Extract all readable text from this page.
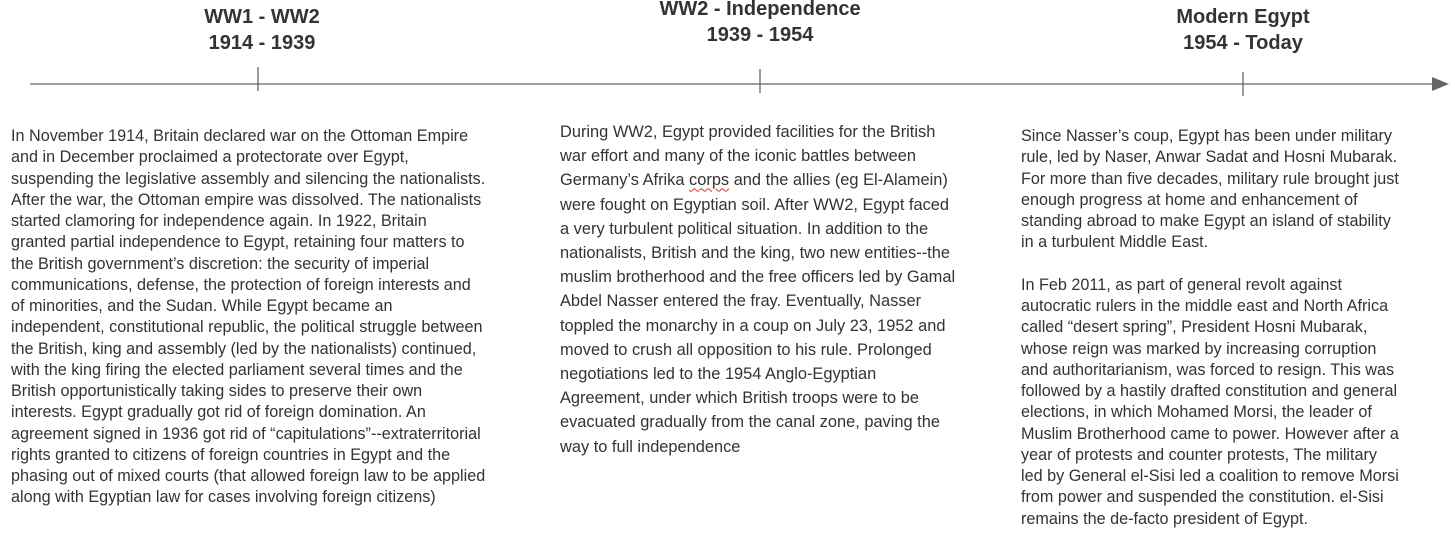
WW1 - WW2
1914 - 1939
WW2 - Independence
1939 - 1954
Modern Egypt
1954 - Today

In November 1914, Britain declared war on the Ottoman Empire
and in December proclaimed a protectorate over Egypt,
suspending the legislative assembly and silencing the nationalists.
After the war, the Ottoman empire was dissolved. The nationalists
started clamoring for independence again. In 1922, Britain
granted partial independence to Egypt, retaining four matters to
the British government’s discretion: the security of imperial
communications, defense, the protection of foreign interests and
of minorities, and the Sudan. While Egypt became an
independent, constitutional republic, the political struggle between
the British, king and assembly (led by the nationalists) continued,
with the king firing the elected parliament several times and the
British opportunistically taking sides to preserve their own
interests. Egypt gradually got rid of foreign domination. An
agreement signed in 1936 got rid of “capitulations”--extraterritorial
rights granted to citizens of foreign countries in Egypt and the
phasing out of mixed courts (that allowed foreign law to be applied
along with Egyptian law for cases involving foreign citizens)

During WW2, Egypt provided facilities for the British
war effort and many of the iconic battles between
Germany’s Afrika corps and the allies (eg El-Alamein)
were fought on Egyptian soil. After WW2, Egypt faced
a very turbulent political situation. In addition to the
nationalists, British and the king, two new entities--the
muslim brotherhood and the free officers led by Gamal
Abdel Nasser entered the fray. Eventually, Nasser
toppled the monarchy in a coup on July 23, 1952 and
moved to crush all opposition to his rule. Prolonged
negotiations led to the 1954 Anglo-Egyptian
Agreement, under which British troops were to be
evacuated gradually from the canal zone, paving the
way to full independence

Since Nasser’s coup, Egypt has been under military
rule, led by Naser, Anwar Sadat and Hosni Mubarak.
For more than five decades, military rule brought just
enough progress at home and enhancement of
standing abroad to make Egypt an island of stability
in a turbulent Middle East.

In Feb 2011, as part of general revolt against
autocratic rulers in the middle east and North Africa
called “desert spring”, President Hosni Mubarak,
whose reign was marked by increasing corruption
and authoritarianism, was forced to resign. This was
followed by a hastily drafted constitution and general
elections, in which Mohamed Morsi, the leader of
Muslim Brotherhood came to power. However after a
year of protests and counter protests, The military
led by General el-Sisi led a coalition to remove Morsi
from power and suspended the constitution. el-Sisi
remains the de-facto president of Egypt.
